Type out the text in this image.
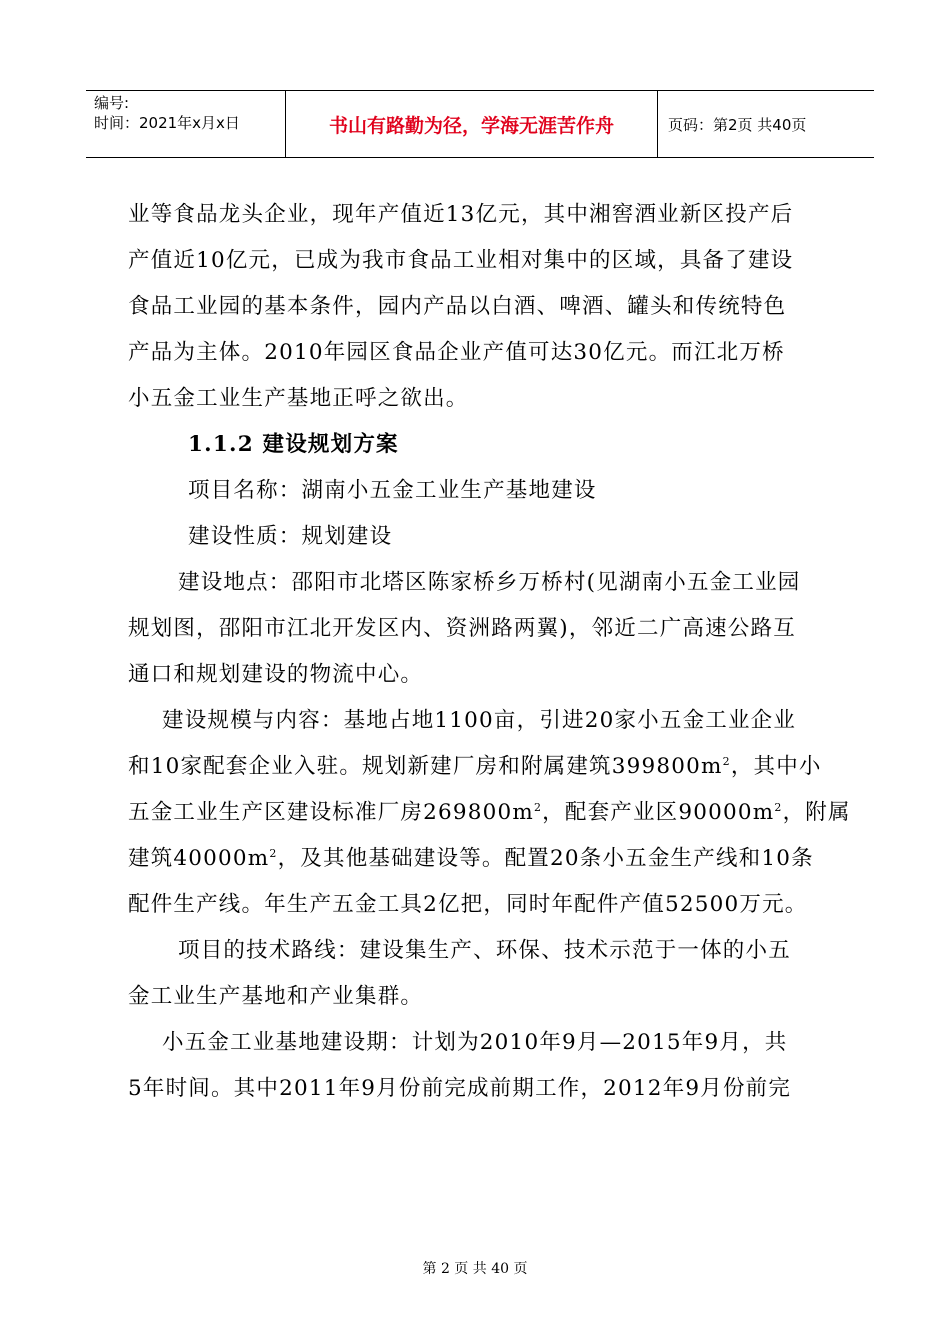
编号:
时间：2021年x月x日	书山有路勤为径，学海无涯苦作舟	页码：第2页 共40页

业等食品龙头企业，现年产值近13亿元，其中湘窖酒业新区投产后

产值近10亿元，已成为我市食品工业相对集中的区域，具备了建设

食品工业园的基本条件，园内产品以白酒、啤酒、罐头和传统特色

产品为主体。2010年园区食品企业产值可达30亿元。而江北万桥

小五金工业生产基地正呼之欲出。

1.1.2 建设规划方案

项目名称：湖南小五金工业生产基地建设

建设性质：规划建设

建设地点：邵阳市北塔区陈家桥乡万桥村(见湖南小五金工业园

规划图，邵阳市江北开发区内、资洲路两翼)，邻近二广高速公路互

通口和规划建设的物流中心。

建设规模与内容：基地占地1100亩，引进20家小五金工业企业

和10家配套企业入驻。规划新建厂房和附属建筑$399800m^2$，其中小

五金工业生产区建设标准厂房$269800m^2$，配套产业区$90000m^2$，附属

建筑$40000m^2$，及其他基础建设等。配置20条小五金生产线和10条

配件生产线。年生产五金工具2亿把，同时年配件产值52500万元。

项目的技术路线：建设集生产、环保、技术示范于一体的小五

金工业生产基地和产业集群。

小五金工业基地建设期：计划为2010年9月—2015年9月，共

5年时间。其中2011年9月份前完成前期工作，2012年9月份前完

第 2 页 共 40 页
